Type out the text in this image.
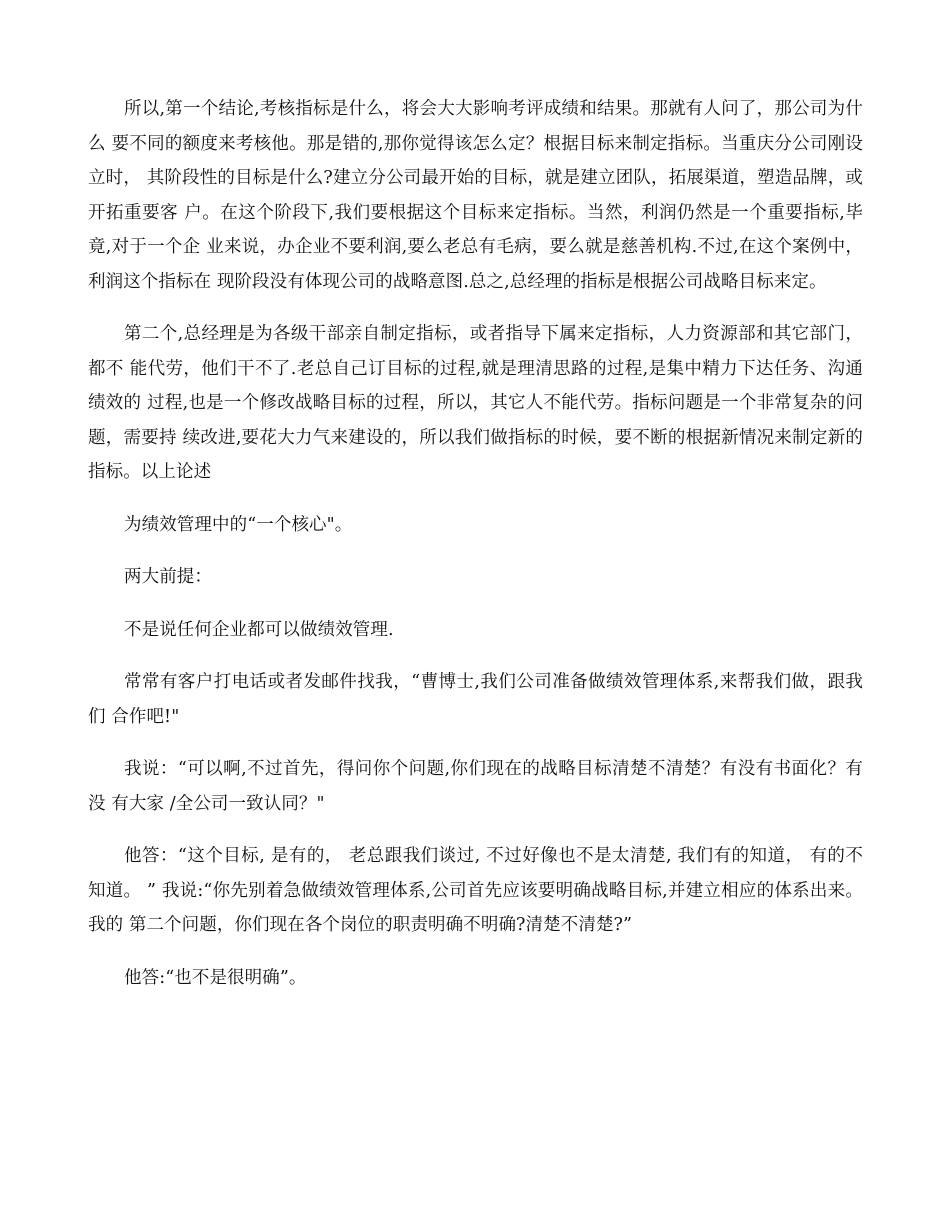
所以,第一个结论,考核指标是什么，将会大大影响考评成绩和结果。那就有人问了，那公司为什么 要不同的额度来考核他。那是错的,那你觉得该怎么定？根据目标来制定指标。当重庆分公司刚设立时， 其阶段性的目标是什么?建立分公司最开始的目标，就是建立团队，拓展渠道，塑造品牌，或开拓重要客 户。在这个阶段下,我们要根据这个目标来定指标。当然，利润仍然是一个重要指标,毕竟,对于一个企 业来说，办企业不要利润,要么老总有毛病，要么就是慈善机构.不过,在这个案例中，利润这个指标在 现阶段没有体现公司的战略意图.总之,总经理的指标是根据公司战略目标来定。

第二个,总经理是为各级干部亲自制定指标，或者指导下属来定指标，人力资源部和其它部门，都不 能代劳，他们干不了.老总自己订目标的过程,就是理清思路的过程,是集中精力下达任务、沟通绩效的 过程,也是一个修改战略目标的过程，所以，其它人不能代劳。指标问题是一个非常复杂的问题，需要持 续改进,要花大力气来建设的，所以我们做指标的时候，要不断的根据新情况来制定新的指标。以上论述

为绩效管理中的“一个核心"。

两大前提：

不是说任何企业都可以做绩效管理.

常常有客户打电话或者发邮件找我，“曹博士,我们公司准备做绩效管理体系,来帮我们做，跟我们 合作吧!"

我说：“可以啊,不过首先，得问你个问题,你们现在的战略目标清楚不清楚？有没有书面化？有没 有大家 /全公司一致认同？"

他答：“这个目标, 是有的， 老总跟我们谈过, 不过好像也不是太清楚, 我们有的知道， 有的不知道。 ” 我说:“你先别着急做绩效管理体系,公司首先应该要明确战略目标,并建立相应的体系出来。我的 第二个问题，你们现在各个岗位的职责明确不明确?清楚不清楚?”

他答:“也不是很明确”。
